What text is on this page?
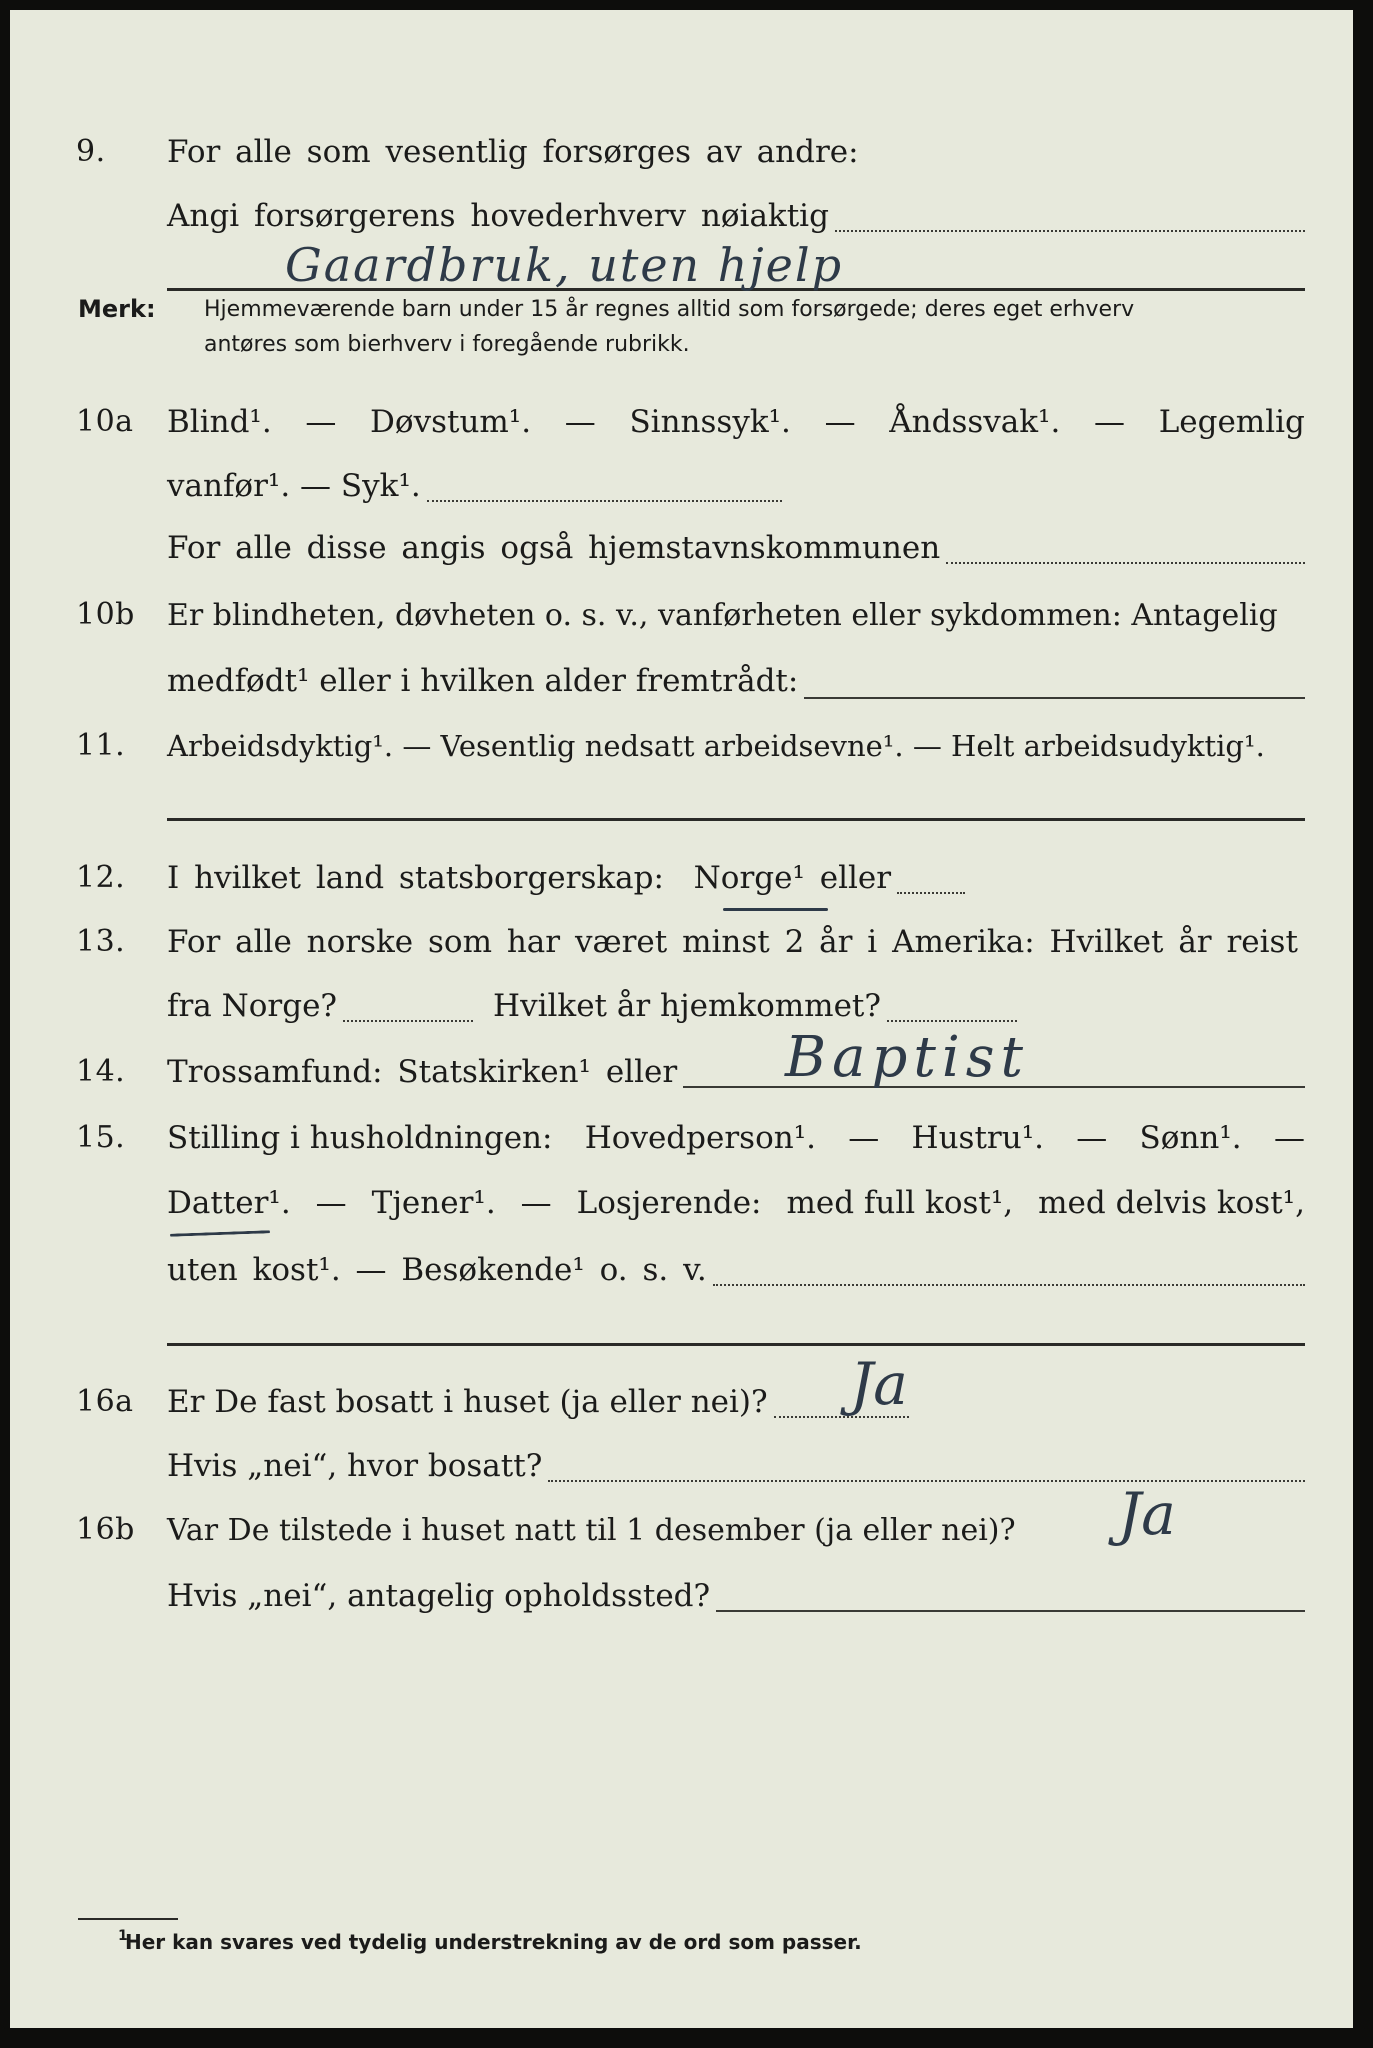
9. For alle som vesentlig forsørges av andre:
Angi forsørgerens hovederhverv nøiaktig
Gaardbruk, uten hjelp
Merk: Hjemmeværende barn under 15 år regnes alltid som forsørgede; deres eget erhverv
antøres som bierhverv i foregående rubrikk.
10a Blind¹. — Døvstum¹. — Sinnssyk¹. — Åndssvak¹. — Legemlig
vanfør¹. — Syk¹.
For alle disse angis også hjemstavnskommunen
10b Er blindheten, døvheten o. s. v., vanførheten eller sykdommen: Antagelig
medfødt¹ eller i hvilken alder fremtrådt:
11. Arbeidsdyktig¹. — Vesentlig nedsatt arbeidsevne¹. — Helt arbeidsudyktig¹.
12. I hvilket land statsborgerskap:
Norge¹
eller
13. For alle norske som har været minst 2 år i Amerika: Hvilket år reist
fra Norge?	Hvilket år hjemkommet?
14. Trossamfund: Statskirken¹ eller Baptist
15. Stilling i husholdningen: Hovedperson¹. — Hustru¹. — Sønn¹. —
Datter¹. — Tjener¹. — Losjerende: med full kost¹, med delvis kost¹,
uten kost¹. — Besøkende¹ o. s. v.
16a Er De fast bosatt i huset (ja eller nei)? Ja
Hvis „nei“, hvor bosatt?
16b Var De tilstede i huset natt til 1 desember (ja eller nei)? Ja
Hvis „nei“, antagelig opholdssted?
1
Her kan svares ved tydelig understrekning av de ord som passer.
